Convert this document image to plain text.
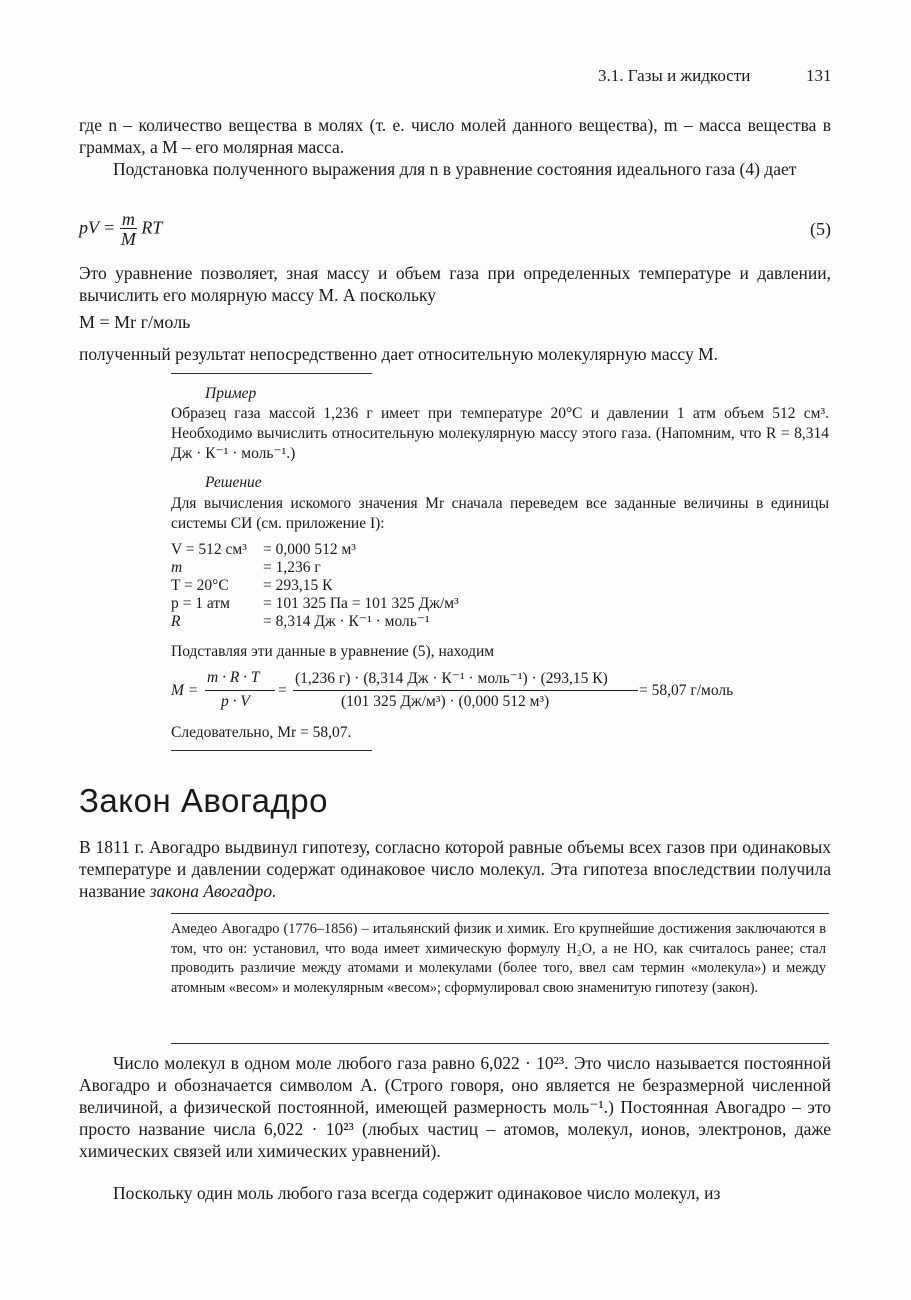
3.1. Газы и жидкости	131

где n – количество вещества в молях (т. е. число молей данного вещества), m – масса вещества в граммах, а M – его молярная масса.

Подстановка полученного выражения для n в уравнение состояния идеального газа (4) дает

pV = $\frac{m}{M}$ RT	(5)

Это уравнение позволяет, зная массу и объем газа при определенных температуре и давлении, вычислить его молярную массу M. А поскольку

M = Mr г/моль

полученный результат непосредственно дает относительную молекулярную массу M.

Пример

Образец газа массой 1,236 г имеет при температуре 20°C и давлении 1 атм объем 512 см³. Необходимо вычислить относительную молекулярную массу этого газа. (Напомним, что R = 8,314 Дж · К⁻¹ · моль⁻¹.)

Решение

Для вычисления искомого значения Mr сначала переведем все заданные величины в единицы системы СИ (см. приложение I):

V = 512 см³	= 0,000 512 м³
m	= 1,236 г
T = 20°C	= 293,15 К
p = 1 атм	= 101 325 Па = 101 325 Дж/м³
R	= 8,314 Дж · К⁻¹ · моль⁻¹

Подставляя эти данные в уравнение (5), находим

M =
m · R · T
p · V
=
(1,236 г) · (8,314 Дж · К⁻¹ · моль⁻¹) · (293,15 К)
(101 325 Дж/м³) · (0,000 512 м³)
= 58,07 г/моль

Следовательно, Mr = 58,07.

Закон Авогадро

В 1811 г. Авогадро выдвинул гипотезу, согласно которой равные объемы всех газов при одинаковых температуре и давлении содержат одинаковое число молекул. Эта гипотеза впоследствии получила название закона Авогадро.

Амедео Авогадро (1776–1856) – итальянский физик и химик. Его крупнейшие достижения заключаются в том, что он: установил, что вода имеет химическую формулу H₂O, а не HO, как считалось ранее; стал проводить различие между атомами и молекулами (более того, ввел сам термин «молекула») и между атомным «весом» и молекулярным «весом»; сформулировал свою знаменитую гипотезу (закон).

Число молекул в одном моле любого газа равно 6,022 · 10²³. Это число называется постоянной Авогадро и обозначается символом A. (Строго говоря, оно является не безразмерной численной величиной, а физической постоянной, имеющей размерность моль⁻¹.) Постоянная Авогадро – это просто название числа 6,022 · 10²³ (любых частиц – атомов, молекул, ионов, электронов, даже химических связей или химических уравнений).

Поскольку один моль любого газа всегда содержит одинаковое число молекул, из
